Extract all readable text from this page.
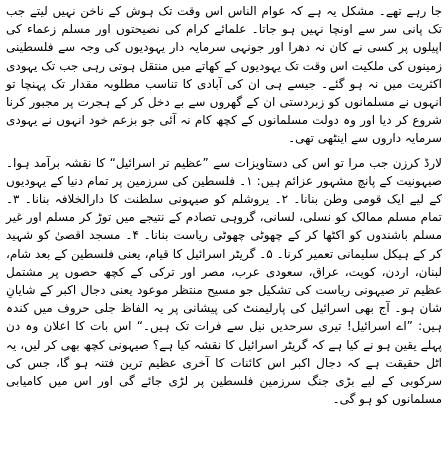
جا رہے تھے۔ مشکل یہ ہے کہ عوام الناس اس وقت تک ہوش کے ناخن نہیں لیتے جب تک پانی سر سے اونچا نہیں ہو جاتا۔ علمائے کرام کی نصیحتوں اور مسلم زعماء کی اپیلوں پر کسی نے کان نہ دھرا اور جونہی سرمایہ دار یہودیوں کی وجہ سے فلسطینی زمینوں کی ملکیت اس وقت تک یہودیوں کے کھاتے میں منتقل ہوتی رہی جب تک یہودی اکثریت میں نہ ہو گئے۔ جیسے ہی ان کی آبادی کا تناسب مطلوبہ مقدار تک پہنچا تو انہوں نے مسلمانوں کو زبردستی ان کے گھروں سے بے دخل کر کے ہجرت پر مجبور کرنا شروع کر دیا اور وہ دولت مسلمانوں کے کچھ کام نہ آئی جو بزعم خود انہوں نے یہودی سرمایہ داروں سے اینٹھی تھی۔

لارڈ کرزن جب مرا تو اس کی دستاویزات سے ”عظیم تر اسرائیل“ کا نقشہ برآمد ہوا۔ صیہونیت کے پانچ مشہور عزائم ہیں: ۱۔ فلسطین کی سرزمین پر تمام دنیا کے یہودیوں کے لیے ایک قومی وطن بنانا۔ ۲۔ یروشلم کو صیہونی سلطنت کا دارالخلافہ بنانا۔ ۳۔ تمام مسلم ممالک کو نسلی، لسانی، گروہی تصادم کے نتیجے میں توڑ کر مسلم اور غیر مسلم باشندوں کو اکٹھا کر کے چھوٹی چھوٹی ریاست بنانا۔ ۴۔ مسجد اقصیٰ کو شہید کر کے ہیکل سلیمانی تعمیر کرنا۔ ۵۔ گریٹر اسرائیل کا قیام، یعنی فلسطین کے بعد شام، لبنان، اردن، کویت، عراق، سعودی عرب، مصر اور ترکی کے کچھ حصوں پر مشتمل عظیم تر صیہونی ریاست کی تشکیل جو مسیح منتظر موعود یعنی دجال اکبر کے شایانِ شان ہو۔ آج بھی اسرائیل کی پارلیمنٹ کی پیشانی پر یہ الفاظ جلی حروف میں کندہ ہیں: ”اے اسرائیل! تیری سرحدیں نیل سے فرات تک ہیں۔“ اس بات کا اعلان وہ دن پہلے یقین ہو نے کیا ہے کہ گریٹر اسرائیل کا نقشہ کیا ہے؟ صیہونی کچھ بھی کر لیں، یہ اٹل حقیقت ہے کہ دجال اکبر اس کائنات کا آخری عظیم ترین فتنہ ہو گا، جس کی سرکوبی کے لیے بڑی جنگ سرزمین فلسطین پر لڑی جائے گی اور اس میں کامیابی مسلمانوں کو ہو گی۔
